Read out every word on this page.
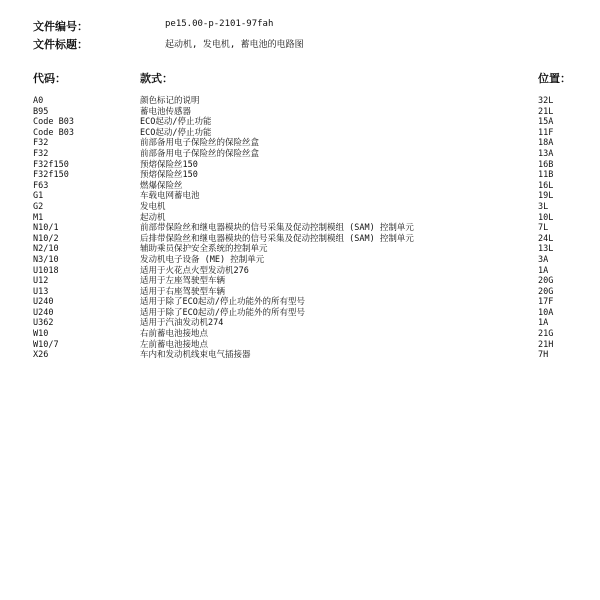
文件编号：	pe15.00-p-2101-97fah
文件标题：	起动机, 发电机, 蓄电池的电路图
代码：	款式：	位置：
A0	颜色标记的说明	32L
B95	蓄电池传感器	21L
Code B03	ECO起动/停止功能	15A
Code B03	ECO起动/停止功能	11F
F32	前部备用电子保险丝的保险丝盒	18A
F32	前部备用电子保险丝的保险丝盒	13A
F32f150	预熔保险丝150	16B
F32f150	预熔保险丝150	11B
F63	燃爆保险丝	16L
G1	车载电网蓄电池	19L
G2	发电机	3L
M1	起动机	10L
N10/1	前部带保险丝和继电器模块的信号采集及促动控制模组 (SAM) 控制单元	7L
N10/2	后排带保险丝和继电器模块的信号采集及促动控制模组 (SAM) 控制单元	24L
N2/10	辅助乘员保护安全系统的控制单元	13L
N3/10	发动机电子设备 (ME) 控制单元	3A
U1018	适用于火花点火型发动机276	1A
U12	适用于左座驾驶型车辆	20G
U13	适用于右座驾驶型车辆	20G
U240	适用于除了ECO起动/停止功能外的所有型号	17F
U240	适用于除了ECO起动/停止功能外的所有型号	10A
U362	适用于汽油发动机274	1A
W10	右前蓄电池接地点	21G
W10/7	左前蓄电池接地点	21H
X26	车内和发动机线束电气插接器	7H
